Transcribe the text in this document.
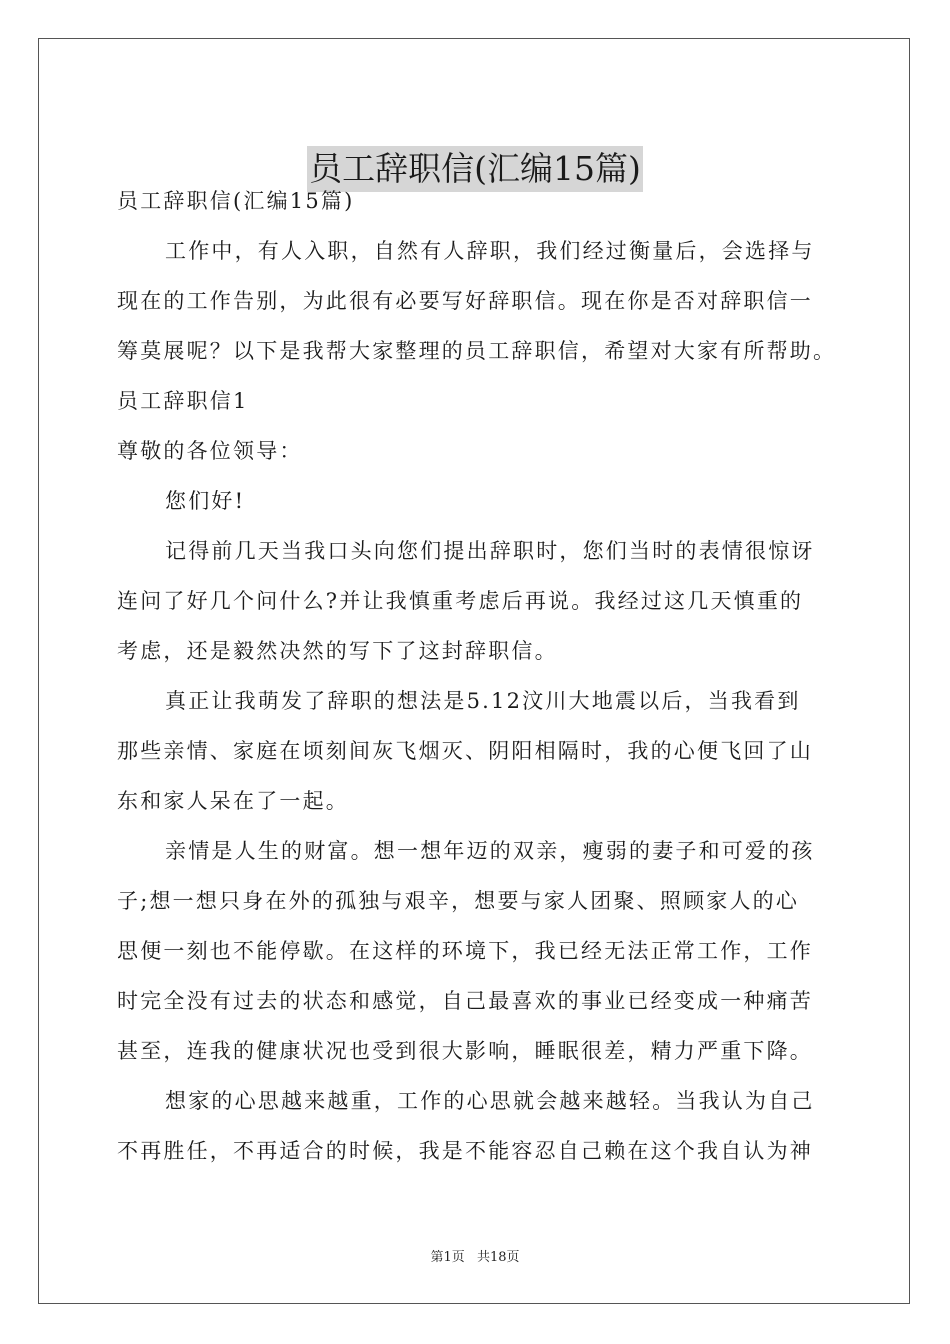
员工辞职信(汇编15篇)
员工辞职信(汇编15篇)
工作中，有人入职，自然有人辞职，我们经过衡量后，会选择与
现在的工作告别，为此很有必要写好辞职信。现在你是否对辞职信一
筹莫展呢？以下是我帮大家整理的员工辞职信，希望对大家有所帮助。
员工辞职信1
尊敬的各位领导：
您们好!
记得前几天当我口头向您们提出辞职时，您们当时的表情很惊讶
连问了好几个问什么?并让我慎重考虑后再说。我经过这几天慎重的
考虑，还是毅然决然的写下了这封辞职信。
真正让我萌发了辞职的想法是5.12汶川大地震以后，当我看到
那些亲情、家庭在顷刻间灰飞烟灭、阴阳相隔时，我的心便飞回了山
东和家人呆在了一起。
亲情是人生的财富。想一想年迈的双亲，瘦弱的妻子和可爱的孩
子;想一想只身在外的孤独与艰辛，想要与家人团聚、照顾家人的心
思便一刻也不能停歇。在这样的环境下，我已经无法正常工作，工作
时完全没有过去的状态和感觉，自己最喜欢的事业已经变成一种痛苦
甚至，连我的健康状况也受到很大影响，睡眠很差，精力严重下降。
想家的心思越来越重，工作的心思就会越来越轻。当我认为自己
不再胜任，不再适合的时候，我是不能容忍自己赖在这个我自认为神
第1页 共18页
